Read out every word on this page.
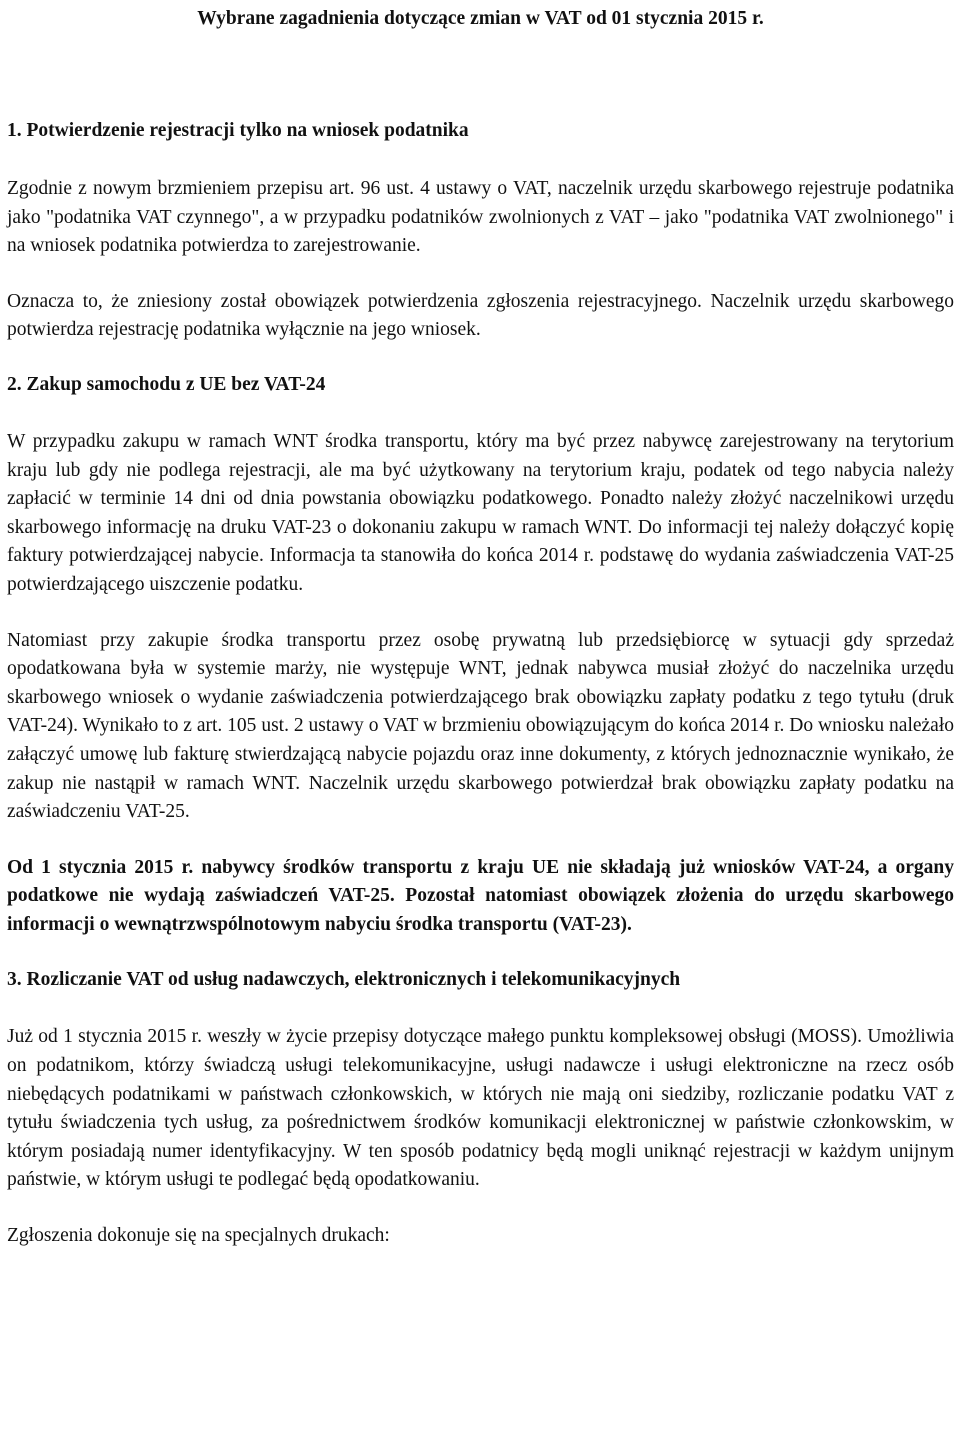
Wybrane zagadnienia dotyczące zmian w VAT od 01 stycznia 2015 r.
1. Potwierdzenie rejestracji tylko na wniosek podatnika

Zgodnie z nowym brzmieniem przepisu art. 96 ust. 4 ustawy o VAT, naczelnik urzędu skarbowego rejestruje podatnika jako "podatnika VAT czynnego", a w przypadku podatników zwolnionych z VAT – jako "podatnika VAT zwolnionego" i na wniosek podatnika potwierdza to zarejestrowanie.

Oznacza to, że zniesiony został obowiązek potwierdzenia zgłoszenia rejestracyjnego. Naczelnik urzędu skarbowego potwierdza rejestrację podatnika wyłącznie na jego wniosek.

2. Zakup samochodu z UE bez VAT-24

W przypadku zakupu w ramach WNT środka transportu, który ma być przez nabywcę zarejestrowany na terytorium kraju lub gdy nie podlega rejestracji, ale ma być użytkowany na terytorium kraju, podatek od tego nabycia należy zapłacić w terminie 14 dni od dnia powstania obowiązku podatkowego. Ponadto należy złożyć naczelnikowi urzędu skarbowego informację na druku VAT-23 o dokonaniu zakupu w ramach WNT. Do informacji tej należy dołączyć kopię faktury potwierdzającej nabycie. Informacja ta stanowiła do końca 2014 r. podstawę do wydania zaświadczenia VAT-25 potwierdzającego uiszczenie podatku.

Natomiast przy zakupie środka transportu przez osobę prywatną lub przedsiębiorcę w sytuacji gdy sprzedaż opodatkowana była w systemie marży, nie występuje WNT, jednak nabywca musiał złożyć do naczelnika urzędu skarbowego wniosek o wydanie zaświadczenia potwierdzającego brak obowiązku zapłaty podatku z tego tytułu (druk VAT-24). Wynikało to z art. 105 ust. 2 ustawy o VAT w brzmieniu obowiązującym do końca 2014 r. Do wniosku należało załączyć umowę lub fakturę stwierdzającą nabycie pojazdu oraz inne dokumenty, z których jednoznacznie wynikało, że zakup nie nastąpił w ramach WNT. Naczelnik urzędu skarbowego potwierdzał brak obowiązku zapłaty podatku na zaświadczeniu VAT-25.

Od 1 stycznia 2015 r. nabywcy środków transportu z kraju UE nie składają już wniosków VAT-24, a organy podatkowe nie wydają zaświadczeń VAT-25. Pozostał natomiast obowiązek złożenia do urzędu skarbowego informacji o wewnątrzwspólnotowym nabyciu środka transportu (VAT-23).

3. Rozliczanie VAT od usług nadawczych, elektronicznych i telekomunikacyjnych

Już od 1 stycznia 2015 r. weszły w życie przepisy dotyczące małego punktu kompleksowej obsługi (MOSS). Umożliwia on podatnikom, którzy świadczą usługi telekomunikacyjne, usługi nadawcze i usługi elektroniczne na rzecz osób niebędących podatnikami w państwach członkowskich, w których nie mają oni siedziby, rozliczanie podatku VAT z tytułu świadczenia tych usług, za pośrednictwem środków komunikacji elektronicznej w państwie członkowskim, w którym posiadają numer identyfikacyjny. W ten sposób podatnicy będą mogli uniknąć rejestracji w każdym unijnym państwie, w którym usługi te podlegać będą opodatkowaniu.

Zgłoszenia dokonuje się na specjalnych drukach:
